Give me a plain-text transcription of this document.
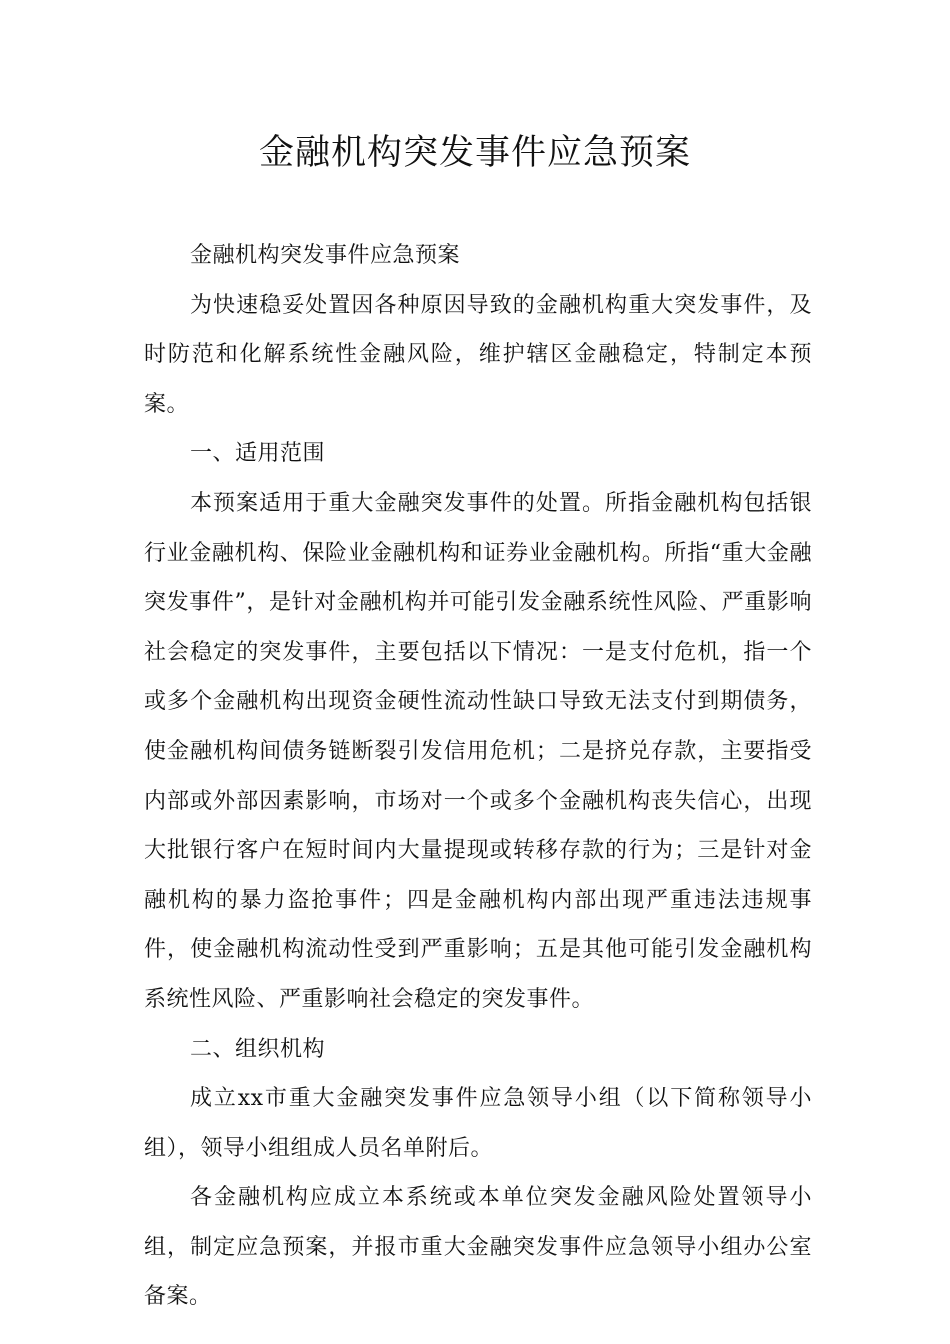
金融机构突发事件应急预案

金融机构突发事件应急预案

为快速稳妥处置因各种原因导致的金融机构重大突发事件，及时防范和化解系统性金融风险，维护辖区金融稳定，特制定本预案。

一、适用范围

本预案适用于重大金融突发事件的处置。所指金融机构包括银行业金融机构、保险业金融机构和证券业金融机构。所指“重大金融突发事件”，是针对金融机构并可能引发金融系统性风险、严重影响社会稳定的突发事件，主要包括以下情况：一是支付危机，指一个或多个金融机构出现资金硬性流动性缺口导致无法支付到期债务，使金融机构间债务链断裂引发信用危机；二是挤兑存款，主要指受内部或外部因素影响，市场对一个或多个金融机构丧失信心，出现大批银行客户在短时间内大量提现或转移存款的行为；三是针对金融机构的暴力盗抢事件；四是金融机构内部出现严重违法违规事件，使金融机构流动性受到严重影响；五是其他可能引发金融机构系统性风险、严重影响社会稳定的突发事件。

二、组织机构

成立xx市重大金融突发事件应急领导小组（以下简称领导小组），领导小组组成人员名单附后。

各金融机构应成立本系统或本单位突发金融风险处置领导小组，制定应急预案，并报市重大金融突发事件应急领导小组办公室备案。
